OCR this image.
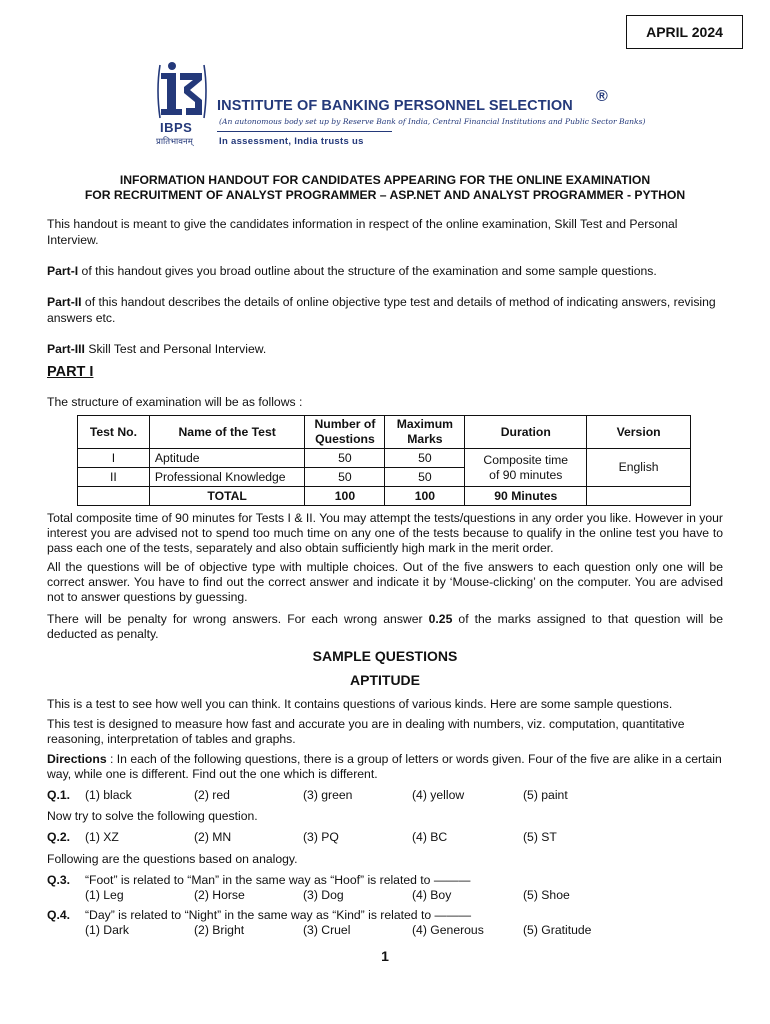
APRIL 2024
IBPS
प्रातिभावनम्
INSTITUTE OF BANKING PERSONNEL SELECTION
®
(An autonomous body set up by Reserve Bank of India, Central Financial Institutions and Public Sector Banks)
In assessment, India trusts us
INFORMATION HANDOUT FOR CANDIDATES APPEARING FOR THE ONLINE EXAMINATION
FOR RECRUITMENT OF ANALYST PROGRAMMER – ASP.NET AND ANALYST PROGRAMMER - PYTHON
This handout is meant to give the candidates information in respect of the online examination, Skill Test and Personal Interview.
Part-I of this handout gives you broad outline about the structure of the examination and some sample questions.
Part-II of this handout describes the details of online objective type test and details of method of indicating answers, revising answers etc.
Part-III Skill Test and Personal Interview.
PART I
The structure of examination will be as follows :
Test No.	Name of the Test	Number of Questions	Maximum Marks	Duration	Version
I	Aptitude	50	50	Composite time of 90 minutes	English
II	Professional Knowledge	50	50		
	TOTAL	100	100	90 Minutes	
Total composite time of 90 minutes for Tests I & II. You may attempt the tests/questions in any order you like. However in your interest you are advised not to spend too much time on any one of the tests because to qualify in the online test you have to pass each one of the tests, separately and also obtain sufficiently high mark in the merit order.
All the questions will be of objective type with multiple choices. Out of the five answers to each question only one will be correct answer. You have to find out the correct answer and indicate it by ‘Mouse-clicking’ on the computer. You are advised not to answer questions by guessing.
There will be penalty for wrong answers. For each wrong answer 0.25 of the marks assigned to that question will be deducted as penalty.
SAMPLE QUESTIONS
APTITUDE
This is a test to see how well you can think. It contains questions of various kinds. Here are some sample questions.
This test is designed to measure how fast and accurate you are in dealing with numbers, viz. computation, quantitative reasoning, interpretation of tables and graphs.
Directions : In each of the following questions, there is a group of letters or words given. Four of the five are alike in a certain way, while one is different. Find out the one which is different.
Q.1. (1) black	(2) red	(3) green	(4) yellow	(5) paint
Now try to solve the following question.
Q.2. (1) XZ	(2) MN	(3) PQ	(4) BC	(5) ST
Following are the questions based on analogy.
Q.3. “Foot” is related to “Man” in the same way as “Hoof” is related to ———
(1) Leg	(2) Horse	(3) Dog	(4) Boy	(5) Shoe
Q.4. “Day” is related to “Night” in the same way as “Kind” is related to ———
(1) Dark	(2) Bright	(3) Cruel	(4) Generous	(5) Gratitude
1
